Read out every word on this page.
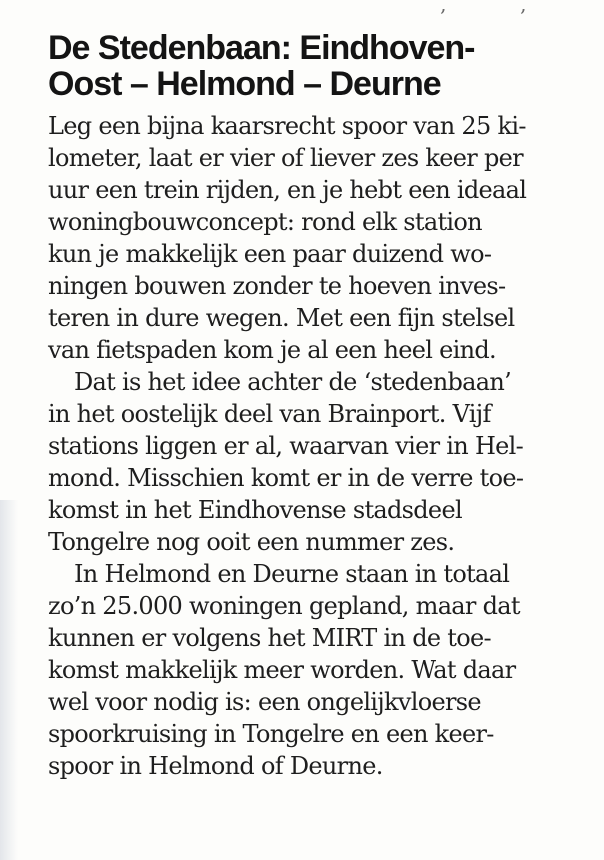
‚	‚
De Stedenbaan: Eindhoven-
Oost – Helmond – Deurne

Leg een bijna kaarsrecht spoor van 25 ki-
lometer, laat er vier of liever zes keer per
uur een trein rijden, en je hebt een ideaal
woningbouwconcept: rond elk station
kun je makkelijk een paar duizend wo-
ningen bouwen zonder te hoeven inves-
teren in dure wegen. Met een fijn stelsel
van fietspaden kom je al een heel eind.

Dat is het idee achter de ‘stedenbaan’
in het oostelijk deel van Brainport. Vijf
stations liggen er al, waarvan vier in Hel-
mond. Misschien komt er in de verre toe-
komst in het Eindhovense stadsdeel
Tongelre nog ooit een nummer zes.

In Helmond en Deurne staan in totaal
zo’n 25.000 woningen gepland, maar dat
kunnen er volgens het MIRT in de toe-
komst makkelijk meer worden. Wat daar
wel voor nodig is: een ongelijkvloerse
spoorkruising in Tongelre en een keer-
spoor in Helmond of Deurne.
